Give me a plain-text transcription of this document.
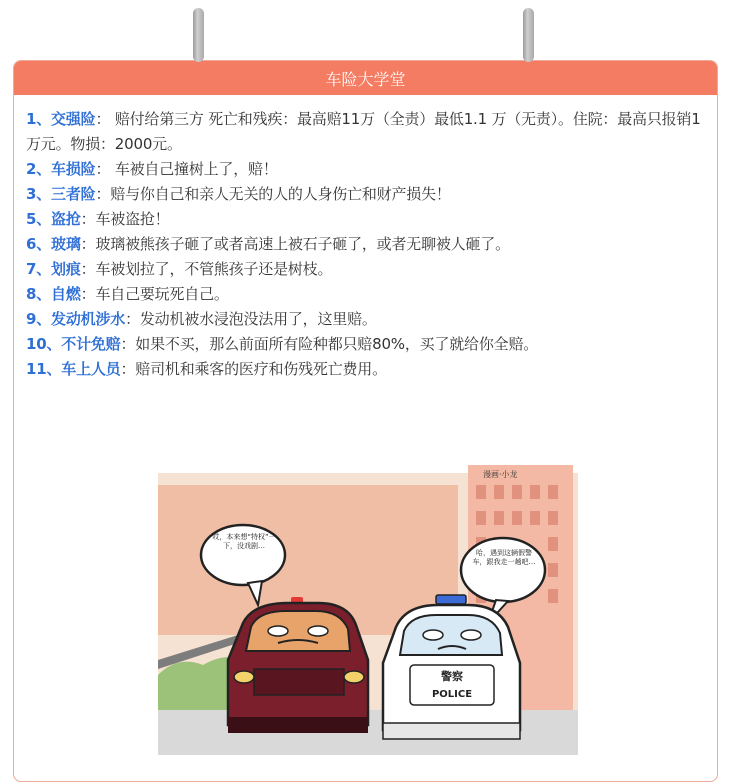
车险大学堂

1、交强险： 赔付给第三方 死亡和残疾：最高赔11万（全责）最低1.1 万（无责）。住院：最高只报销1万元。物损：2000元。

2、车损险： 车被自己撞树上了，赔！

3、三者险：赔与你自己和亲人无关的人的人身伤亡和财产损失！

5、盗抢：车被盗抢！

6、玻璃：玻璃被熊孩子砸了或者高速上被石子砸了，或者无聊被人砸了。

7、划痕：车被划拉了，不管熊孩子还是树枝。

8、自燃：车自己要玩死自己。

9、发动机涉水：发动机被水浸泡没法用了，这里赔。

10、不计免赔：如果不买，那么前面所有险种都只赔80%，买了就给你全赔。

11、车上人员：赔司机和乘客的医疗和伤残死亡费用。

漫画·小龙
哎，本来想“特权”一下，没戏剧…
哈，遇到这辆假警车，跟我走一趟吧…
警察
POLICE
